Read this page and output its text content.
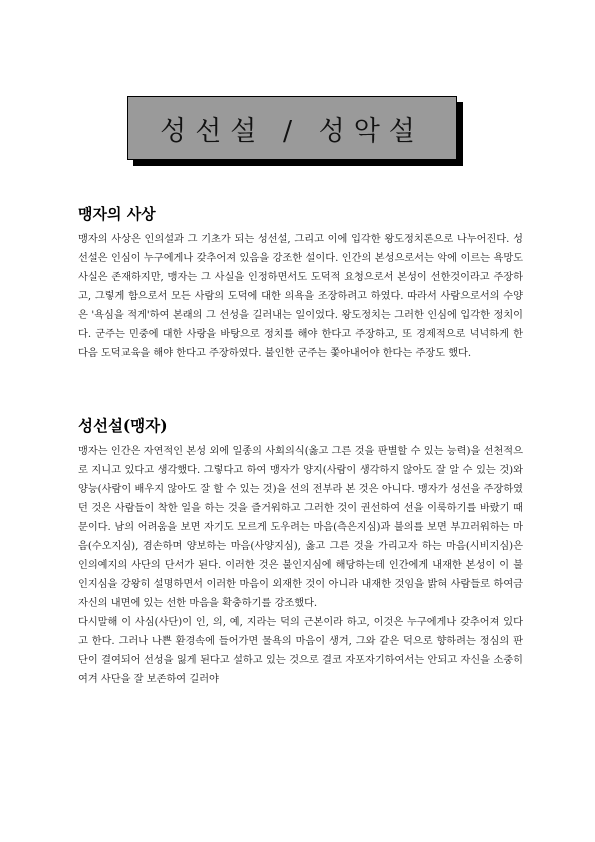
성선설 / 성악설
맹자의 사상

맹자의 사상은 인의설과 그 기초가 되는 성선설, 그리고 이에 입각한 왕도정치론으로 나누어진다. 성선설은 인심이 누구에게나 갖추어져 있음을 강조한 설이다. 인간의 본성으로서는 악에 이르는 욕망도 사실은 존재하지만, 맹자는 그 사실을 인정하면서도 도덕적 요청으로서 본성이 선한것이라고 주장하고, 그렇게 함으로서 모든 사람의 도덕에 대한 의욕을 조장하려고 하였다. 따라서 사람으로서의 수양은 '욕심을 적게'하여 본래의 그 선성을 길러내는 일이었다. 왕도정치는 그러한 인심에 입각한 정치이다. 군주는 민중에 대한 사랑을 바탕으로 정치를 해야 한다고 주장하고, 또 경제적으로 넉넉하게 한 다음 도덕교육을 해야 한다고 주장하였다. 불인한 군주는 쫓아내어야 한다는 주장도 했다.

성선설(맹자)

맹자는 인간은 자연적인 본성 외에 일종의 사회의식(옳고 그른 것을 판별할 수 있는 능력)을 선천적으로 지니고 있다고 생각했다. 그렇다고 하여 맹자가 양지(사람이 생각하지 않아도 잘 알 수 있는 것)와 양능(사람이 배우지 않아도 잘 할 수 있는 것)을 선의 전부라 본 것은 아니다. 맹자가 성선을 주장하였던 것은 사람들이 착한 일을 하는 것을 즐거워하고 그러한 것이 권선하여 선을 이룩하기를 바랐기 때문이다. 남의 어려움을 보면 자기도 모르게 도우려는 마음(측은지심)과 불의를 보면 부끄러워하는 마음(수오지심), 겸손하며 양보하는 마음(사양지심), 옳고 그른 것을 가리고자 하는 마음(시비지심)은 인의예지의 사단의 단서가 된다. 이러한 것은 불인지심에 해당하는데 인간에게 내재한 본성이 이 불인지심을 강왕히 설명하면서 이러한 마음이 외재한 것이 아니라 내재한 것임을 밝혀 사람들로 하여금 자신의 내면에 있는 선한 마음을 확충하기를 강조했다.
다시말해 이 사심(사단)이 인, 의, 예, 지라는 덕의 근본이라 하고, 이것은 누구에게나 갖추어져 있다고 한다. 그러나 나쁜 환경속에 들어가면 물욕의 마음이 생겨, 그와 같은 덕으로 향하려는 정심의 판단이 결여되어 선성을 잃게 된다고 설하고 있는 것으로 결코 자포자기하여서는 안되고 자신을 소중히 여겨 사단을 잘 보존하여 길러야
